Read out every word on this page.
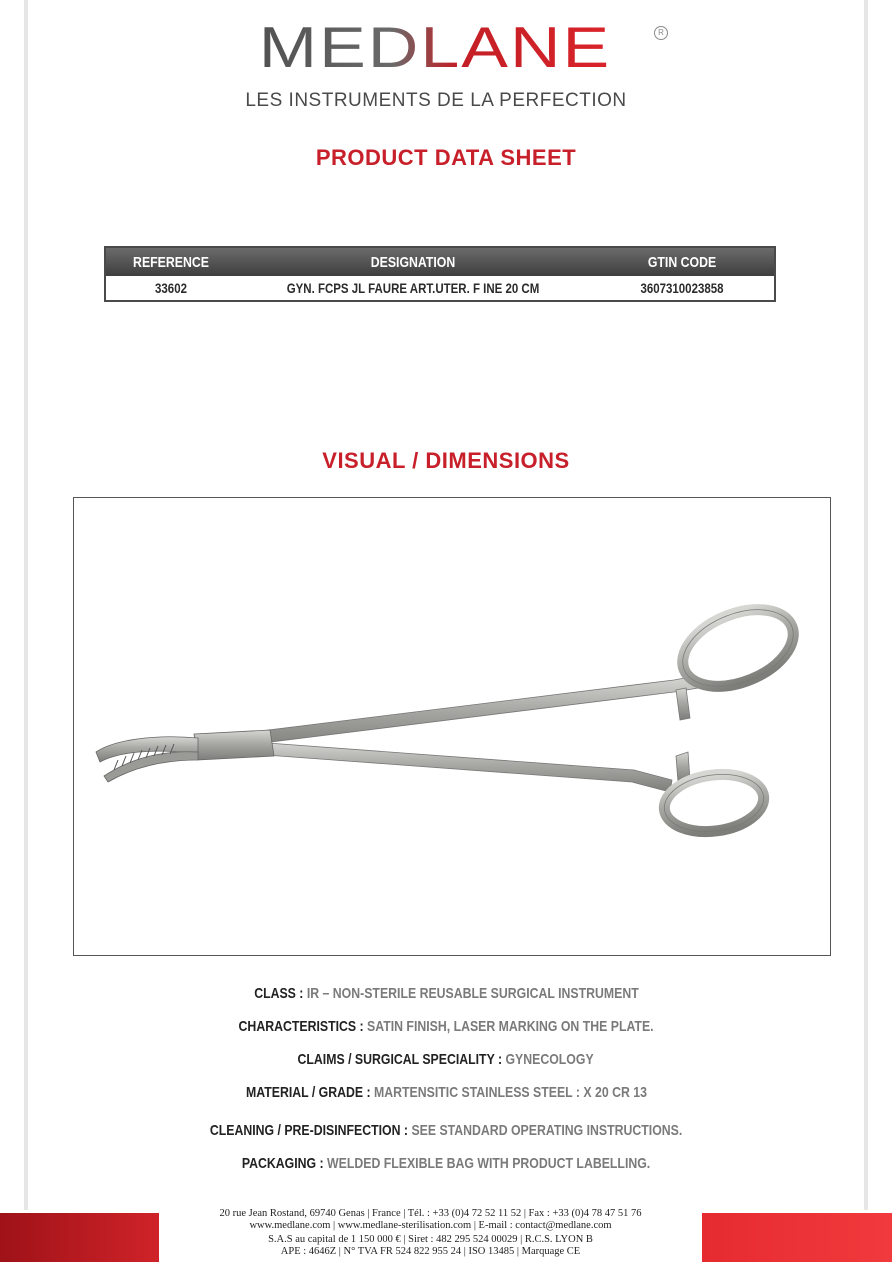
MEDLANE	R
LES INSTRUMENTS DE LA PERFECTION
PRODUCT DATA SHEET
REFERENCE	DESIGNATION	GTIN CODE
33602	GYN. FCPS JL FAURE ART.UTER. F INE 20 CM	3607310023858
VISUAL / DIMENSIONS
CLASS : IR – NON-STERILE REUSABLE SURGICAL INSTRUMENT
CHARACTERISTICS : SATIN FINISH, LASER MARKING ON THE PLATE.
CLAIMS / SURGICAL SPECIALITY : GYNECOLOGY
MATERIAL / GRADE : MARTENSITIC STAINLESS STEEL : X 20 CR 13
CLEANING / PRE-DISINFECTION : SEE STANDARD OPERATING INSTRUCTIONS.
PACKAGING : WELDED FLEXIBLE BAG WITH PRODUCT LABELLING.
20 rue Jean Rostand, 69740 Genas | France | Tél. : +33 (0)4 72 52 11 52 | Fax : +33 (0)4 78 47 51 76
www.medlane.com | www.medlane-sterilisation.com | E-mail : contact@medlane.com
S.A.S au capital de 1 150 000 € | Siret : 482 295 524 00029 | R.C.S. LYON B
APE : 4646Z | N° TVA FR 524 822 955 24 | ISO 13485 | Marquage CE
